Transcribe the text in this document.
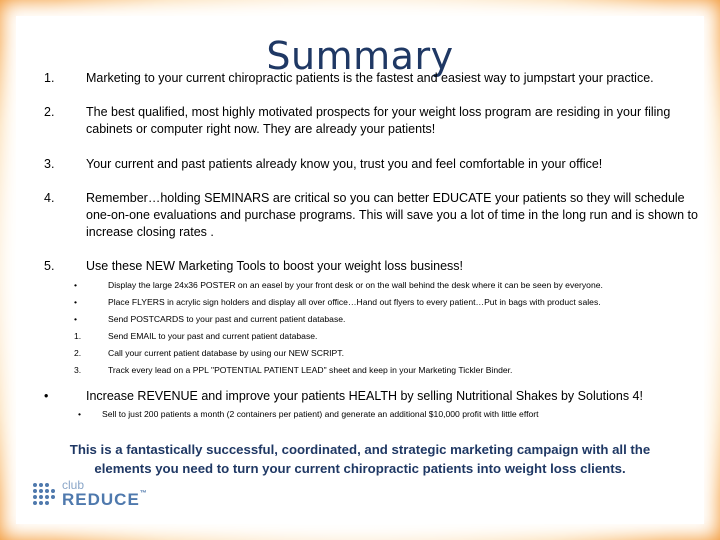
Summary
1.	Marketing to your current chiropractic patients is the fastest and easiest way to jumpstart your practice.
2.	The best qualified, most highly motivated prospects for your weight loss program are residing in your filing cabinets or computer right now. They are already your patients!
3.	Your current and past patients already know you, trust you and feel comfortable in your office!
4.	Remember…holding SEMINARS are critical so you can better EDUCATE your patients so they will schedule one-on-one evaluations and purchase programs. This will save you a lot of time in the long run and is shown to increase closing rates .
5.	Use these NEW Marketing Tools to boost your weight loss business!
•	Display the large 24x36 POSTER on an easel by your front desk or on the wall behind the desk where it can be seen by everyone.
•	Place FLYERS in acrylic sign holders and display all over office…Hand out flyers to every patient…Put in bags with product sales.
•	Send POSTCARDS to your past and current patient database.
1.	Send EMAIL to your past and current patient database.
2.	Call your current patient database by using our NEW SCRIPT.
3.	Track every lead on a PPL "POTENTIAL PATIENT LEAD" sheet and keep in your Marketing Tickler Binder.
•	Increase REVENUE and improve your patients HEALTH by selling Nutritional Shakes by Solutions 4!
• Sell to just 200 patients a month (2 containers per patient) and generate an additional $10,000 profit with little effort
This is a fantastically successful, coordinated, and strategic marketing campaign with all the elements you need to turn your current chiropractic patients into weight loss clients.
club
REDUCE™
